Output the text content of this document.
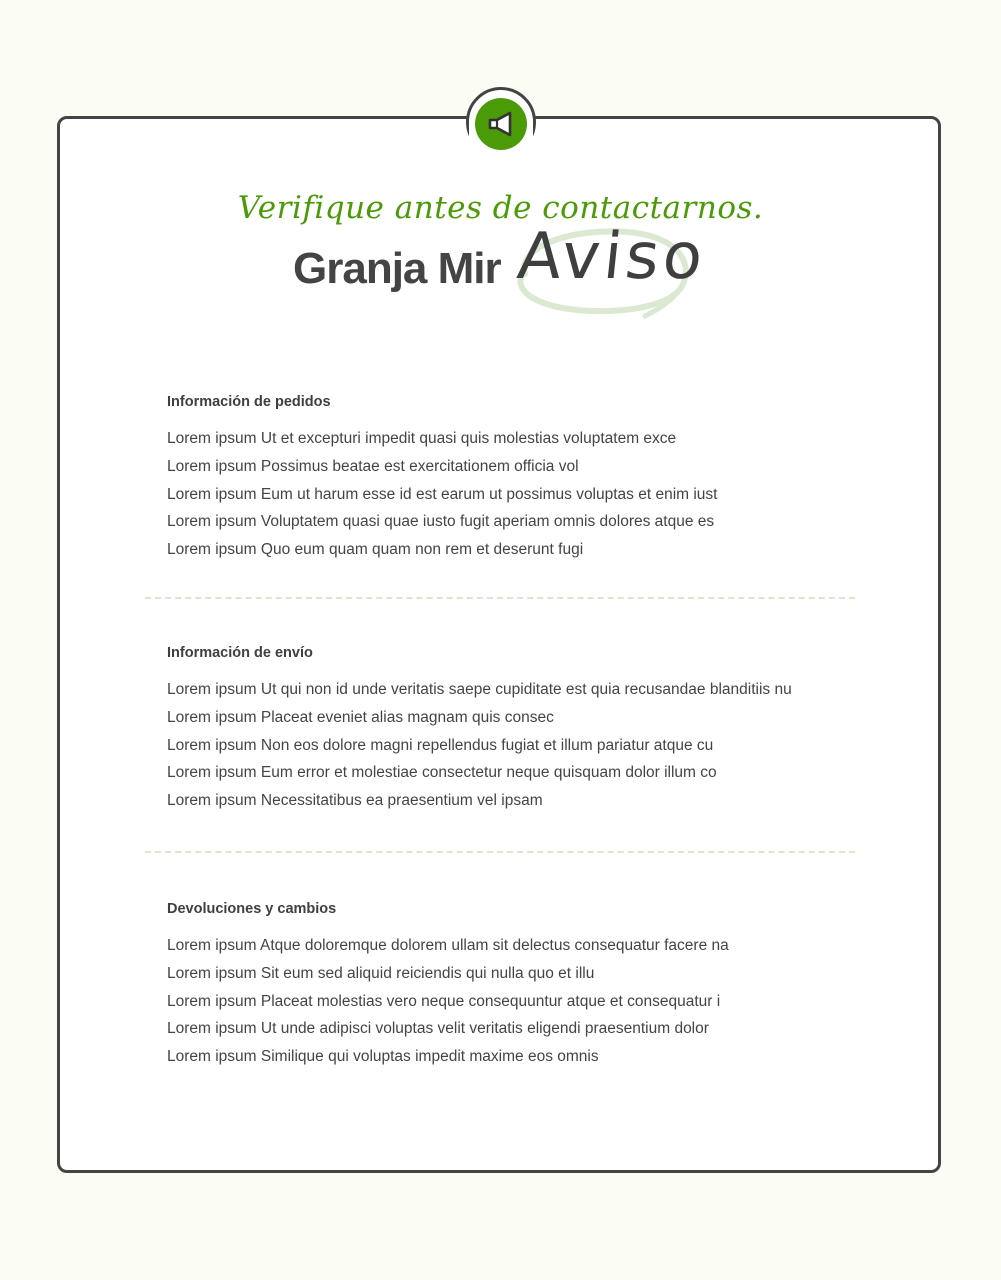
Verifique antes de contactarnos.

Granja Mir Aviso
Información de pedidos
Lorem ipsum Ut et excepturi impedit quasi quis molestias voluptatem exce
Lorem ipsum Possimus beatae est exercitationem officia vol
Lorem ipsum Eum ut harum esse id est earum ut possimus voluptas et enim iust
Lorem ipsum Voluptatem quasi quae iusto fugit aperiam omnis dolores atque es
Lorem ipsum Quo eum quam quam non rem et deserunt fugi
Información de envío
Lorem ipsum Ut qui non id unde veritatis saepe cupiditate est quia recusandae blanditiis nu
Lorem ipsum Placeat eveniet alias magnam quis consec
Lorem ipsum Non eos dolore magni repellendus fugiat et illum pariatur atque cu
Lorem ipsum Eum error et molestiae consectetur neque quisquam dolor illum co
Lorem ipsum Necessitatibus ea praesentium vel ipsam
Devoluciones y cambios
Lorem ipsum Atque doloremque dolorem ullam sit delectus consequatur facere na
Lorem ipsum Sit eum sed aliquid reiciendis qui nulla quo et illu
Lorem ipsum Placeat molestias vero neque consequuntur atque et consequatur i
Lorem ipsum Ut unde adipisci voluptas velit veritatis eligendi praesentium dolor
Lorem ipsum Similique qui voluptas impedit maxime eos omnis
